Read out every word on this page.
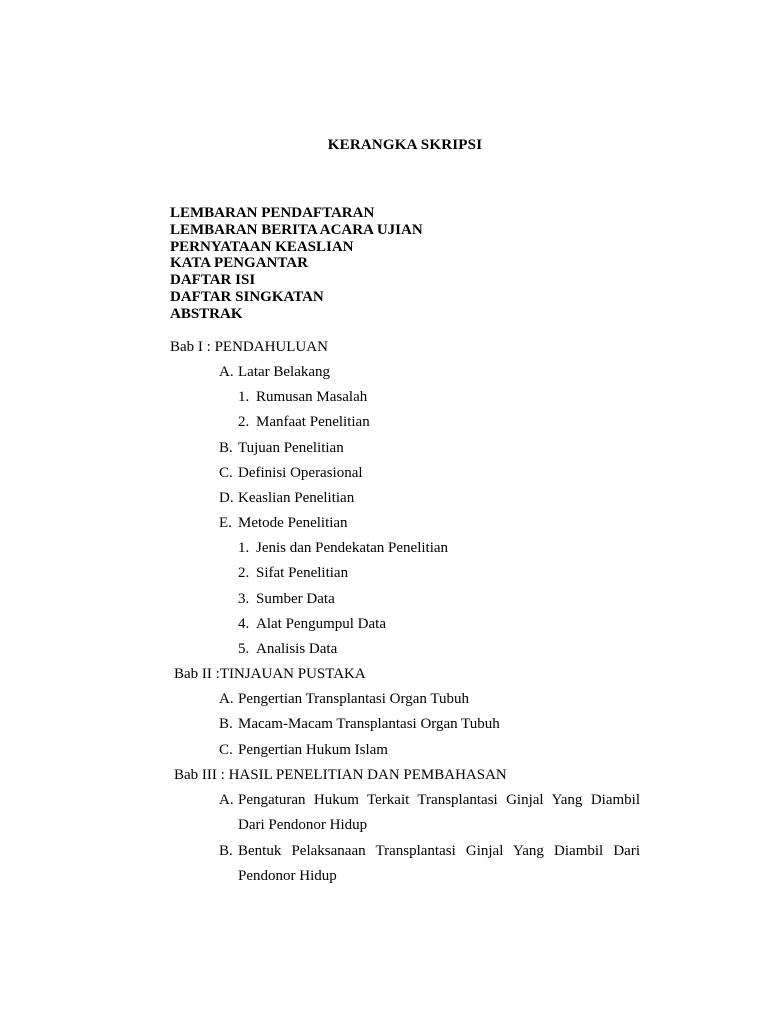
KERANGKA SKRIPSI
LEMBARAN PENDAFTARAN
LEMBARAN BERITA ACARA UJIAN
PERNYATAAN KEASLIAN
KATA PENGANTAR
DAFTAR ISI
DAFTAR SINGKATAN
ABSTRAK
Bab I : PENDAHULUAN
A. Latar Belakang
1. Rumusan Masalah
2. Manfaat Penelitian
B. Tujuan Penelitian
C. Definisi Operasional
D. Keaslian Penelitian
E. Metode Penelitian
1. Jenis dan Pendekatan Penelitian
2. Sifat Penelitian
3. Sumber Data
4. Alat Pengumpul Data
5. Analisis Data
Bab II :TINJAUAN PUSTAKA
A. Pengertian Transplantasi Organ Tubuh
B. Macam-Macam Transplantasi Organ Tubuh
C. Pengertian Hukum Islam
Bab III : HASIL PENELITIAN DAN PEMBAHASAN
A. Pengaturan Hukum Terkait Transplantasi Ginjal Yang Diambil
Dari Pendonor Hidup
B. Bentuk Pelaksanaan Transplantasi Ginjal Yang Diambil Dari
Pendonor Hidup
